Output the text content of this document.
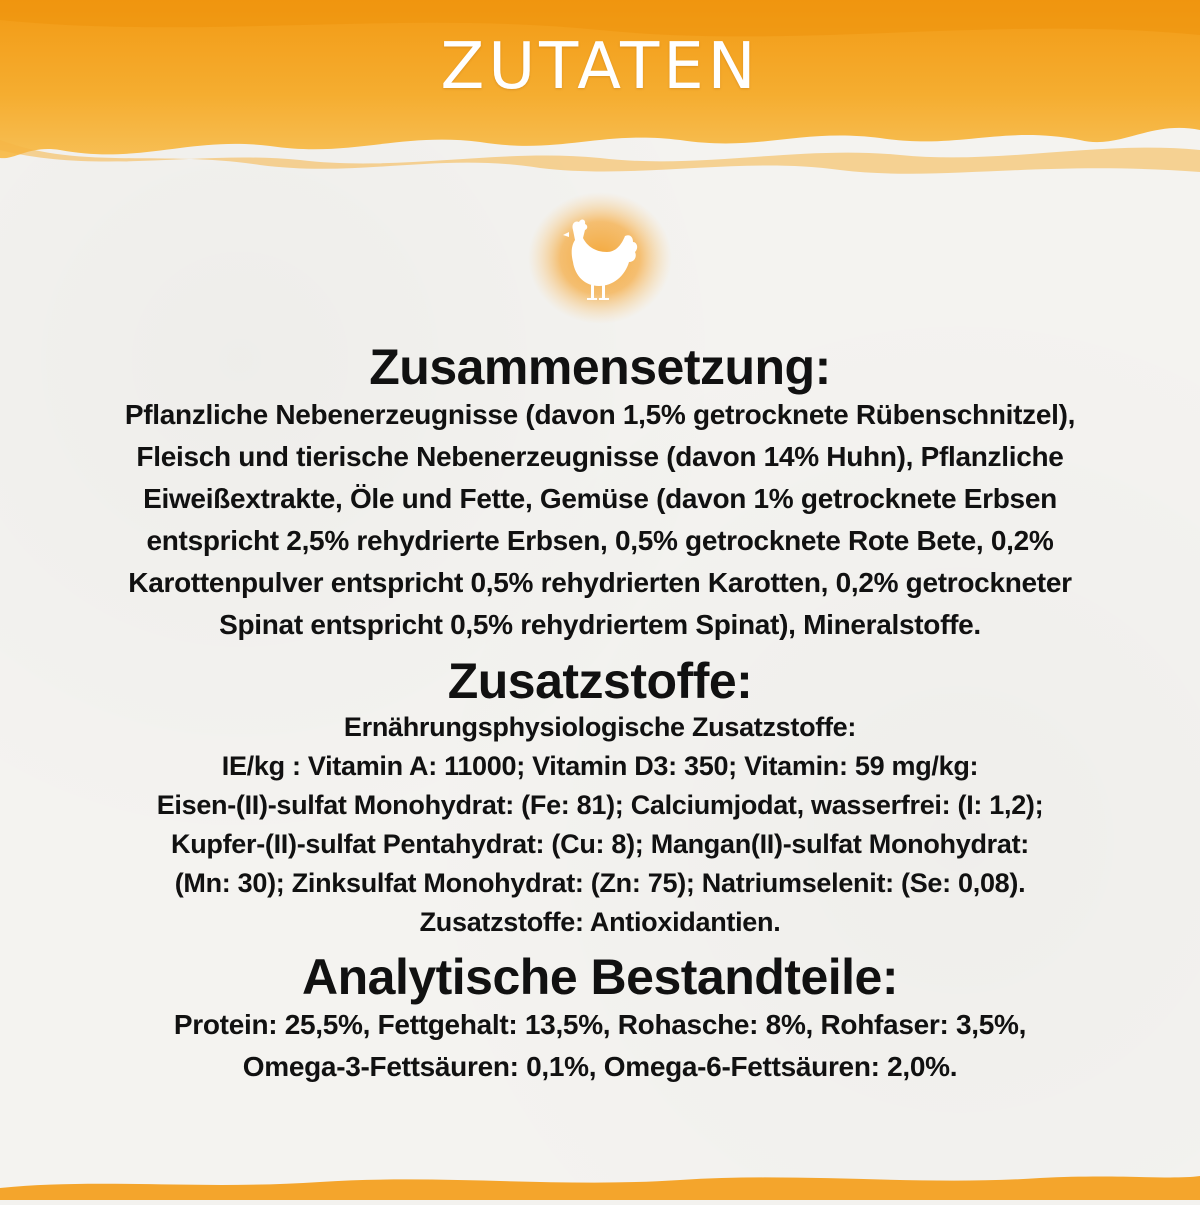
ZUTATEN
Zusammensetzung:

Pflanzliche Nebenerzeugnisse (davon 1,5% getrocknete Rübenschnitzel),
Fleisch und tierische Nebenerzeugnisse (davon 14% Huhn), Pflanzliche
Eiweißextrakte, Öle und Fette, Gemüse (davon 1% getrocknete Erbsen
entspricht 2,5% rehydrierte Erbsen, 0,5% getrocknete Rote Bete, 0,2%
Karottenpulver entspricht 0,5% rehydrierten Karotten, 0,2% getrockneter
Spinat entspricht 0,5% rehydriertem Spinat), Mineralstoffe.

Zusatzstoffe:

Ernährungsphysiologische Zusatzstoffe:
IE/kg : Vitamin A: 11000; Vitamin D3: 350; Vitamin: 59 mg/kg:
Eisen-(II)-sulfat Monohydrat: (Fe: 81); Calciumjodat, wasserfrei: (I: 1,2);
Kupfer-(II)-sulfat Pentahydrat: (Cu: 8); Mangan(II)-sulfat Monohydrat:
(Mn: 30); Zinksulfat Monohydrat: (Zn: 75); Natriumselenit: (Se: 0,08).
Zusatzstoffe: Antioxidantien.

Analytische Bestandteile:

Protein: 25,5%, Fettgehalt: 13,5%, Rohasche: 8%, Rohfaser: 3,5%,
Omega-3-Fettsäuren: 0,1%, Omega-6-Fettsäuren: 2,0%.
